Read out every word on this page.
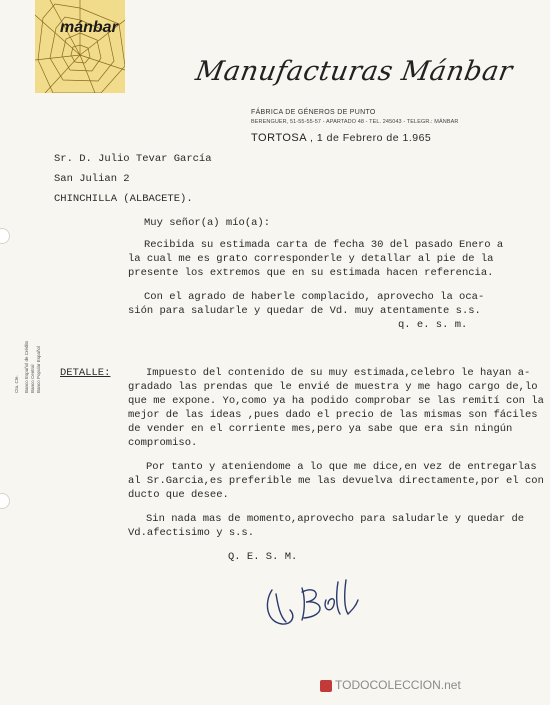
mánbar
Manufacturas Mánbar
FÁBRICA DE GÉNEROS DE PUNTO
BERENGUER, 51-55-55-57 - APARTADO 48 - TEL. 245043 - TELEGR.: MÁNBAR
TORTOSA , 1 de Febrero de 1.965
Sr. D. Julio Tevar García
San Julian 2
CHINCHILLA (ALBACETE).
Muy señor(a) mío(a):
Recibida su estimada carta de fecha 30 del pasado Enero a
la cual me es grato corresponderle y detallar al pie de la
presente los extremos que en su estimada hacen referencia.
Con el agrado de haberle complacido, aprovecho la oca-
sión para saludarle y quedar de Vd. muy atentamente s.s.
q. e. s. m.
DETALLE:	Impuesto del contenido de su muy estimada,celebro le hayan a-
gradado las prendas que le envié de muestra y me hago cargo de,lo
que me expone. Yo,como ya ha podido comprobar se las remití con la
mejor de las ideas ,pues dado el precio de las mismas son fáciles
de vender en el corriente mes,pero ya sabe que era sin ningún
compromiso.
Por tanto y ateniendome a lo que me dice,en vez de entregarlas
al Sr.Garcia,es preferible me las devuelva directamente,por el con
ducto que desee.
Sin nada mas de momento,aprovecho para saludarle y quedar de
Vd.afectisimo y s.s.
Q. E. S. M.
Banco Español de Crédito Banco Central Banco Popular Español
Cta. Cte.
TODOCOLECCION.net
